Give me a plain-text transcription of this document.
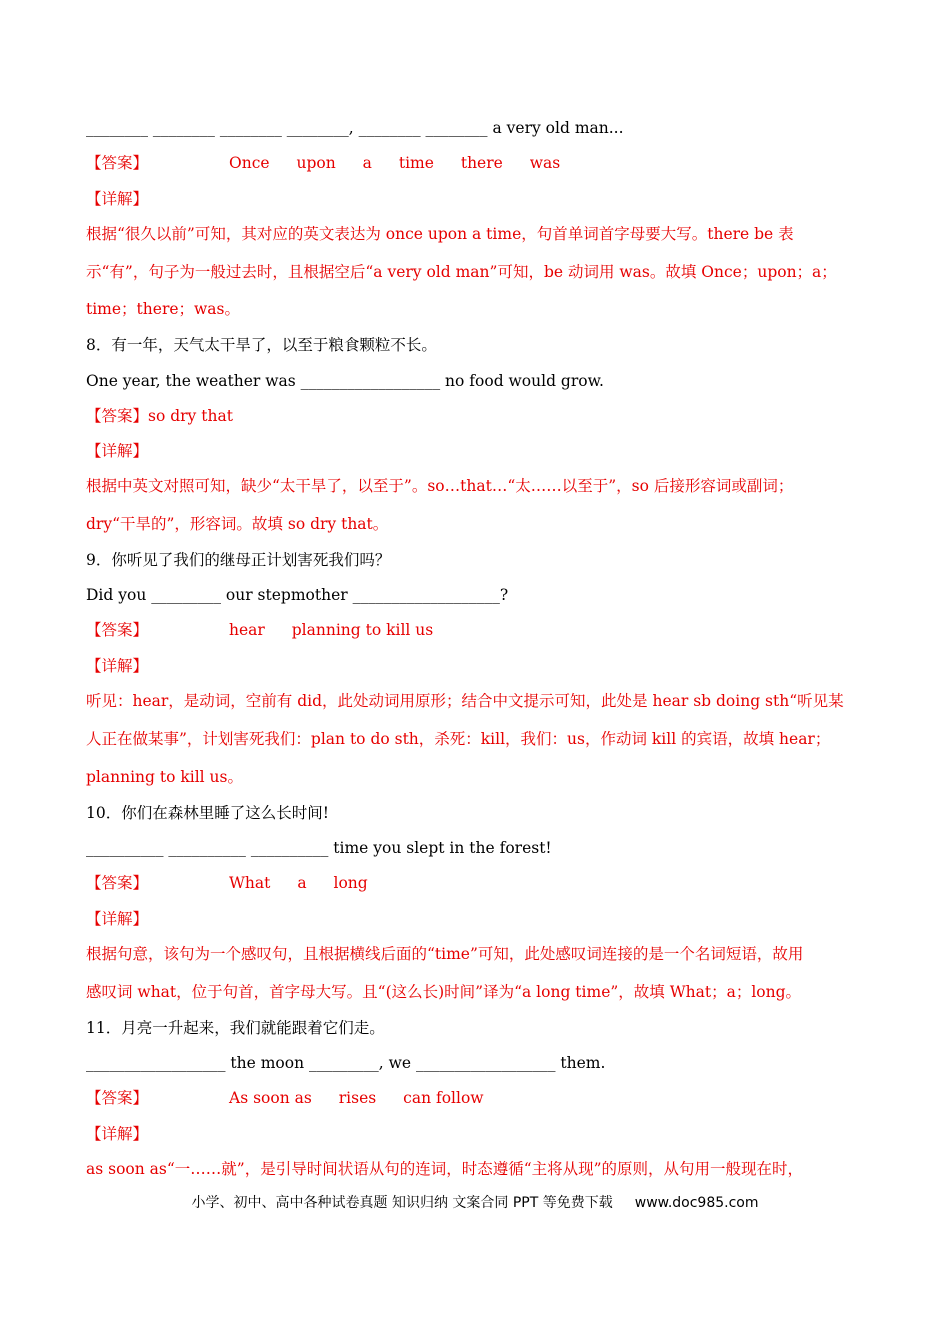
________ ________ ________ ________, ________ ________ a very old man...
【答案】	Once upon a time there was
【详解】
根据“很久以前”可知，其对应的英文表达为 once upon a time，句首单词首字母要大写。there be 表
示“有”，句子为一般过去时，且根据空后“a very old man”可知，be 动词用 was。故填 Once；upon；a；
time；there；was。
8．有一年，天气太干旱了，以至于粮食颗粒不长。
One year, the weather was __________________ no food would grow.
【答案】so dry that
【详解】
根据中英文对照可知，缺少“太干旱了，以至于”。so…that…“太……以至于”，so 后接形容词或副词；
dry“干旱的”，形容词。故填 so dry that。
9．你听见了我们的继母正计划害死我们吗？
Did you _________ our stepmother ___________________?
【答案】	hear planning to kill us
【详解】
听见：hear，是动词，空前有 did，此处动词用原形；结合中文提示可知，此处是 hear sb doing sth“听见某
人正在做某事”，计划害死我们：plan to do sth，杀死：kill，我们：us，作动词 kill 的宾语，故填 hear；
planning to kill us。
10．你们在森林里睡了这么长时间!
__________ __________ __________ time you slept in the forest!
【答案】	What a long
【详解】
根据句意，该句为一个感叹句，且根据横线后面的“time”可知，此处感叹词连接的是一个名词短语，故用
感叹词 what，位于句首，首字母大写。且“(这么长)时间”译为“a long time”，故填 What；a；long。
11．月亮一升起来，我们就能跟着它们走。
__________________ the moon _________, we __________________ them.
【答案】	As soon as rises can follow
【详解】
as soon as“一……就”，是引导时间状语从句的连词，时态遵循“主将从现”的原则，从句用一般现在时，
小学、初中、高中各种试卷真题 知识归纳 文案合同 PPT 等免费下载 www.doc985.com
